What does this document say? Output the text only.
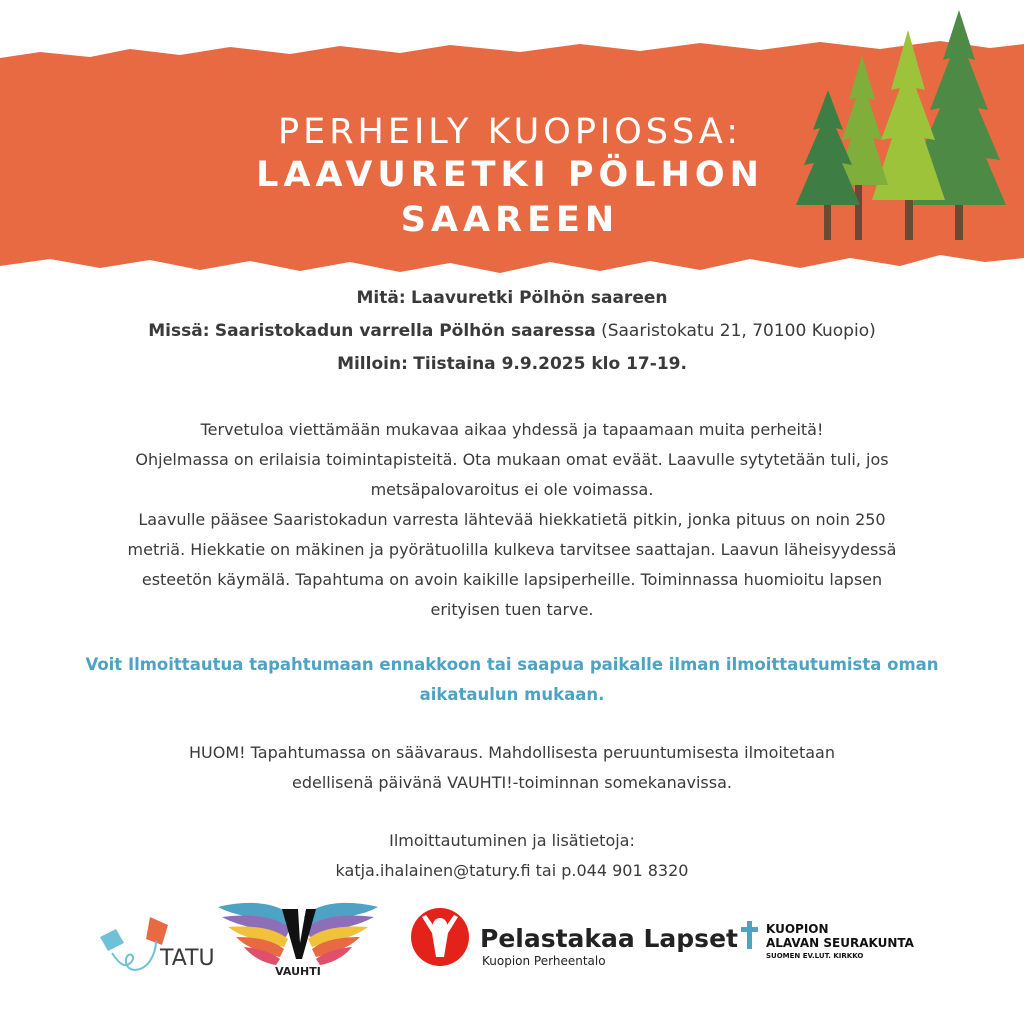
PERHEILY KUOPIOSSA:
LAAVURETKI PÖLHON
SAAREEN
Mitä: Laavuretki Pölhön saareen
Missä: Saaristokadun varrella Pölhön saaressa (Saaristokatu 21, 70100 Kuopio)
Milloin: Tiistaina 9.9.2025 klo 17-19.
Tervetuloa viettämään mukavaa aikaa yhdessä ja tapaamaan muita perheitä!
Ohjelmassa on erilaisia toimintapisteitä. Ota mukaan omat eväät. Laavulle sytytetään tuli, jos
metsäpalovaroitus ei ole voimassa.
Laavulle pääsee Saaristokadun varresta lähtevää hiekkatietä pitkin, jonka pituus on noin 250
metriä. Hiekkatie on mäkinen ja pyörätuolilla kulkeva tarvitsee saattajan. Laavun läheisyydessä
esteetön käymälä. Tapahtuma on avoin kaikille lapsiperheille. Toiminnassa huomioitu lapsen
erityisen tuen tarve.
Voit Ilmoittautua tapahtumaan ennakkoon tai saapua paikalle ilman ilmoittautumista oman
aikataulun mukaan.
HUOM! Tapahtumassa on säävaraus. Mahdollisesta peruuntumisesta ilmoitetaan
edellisenä päivänä VAUHTI!-toiminnan somekanavissa.
Ilmoittautuminen ja lisätietoja:
katja.ihalainen@tatury.fi tai p.044 901 8320
TATU
VAUHTI
Pelastakaa Lapset
Kuopion Perheentalo
KUOPION
ALAVAN SEURAKUNTA
SUOMEN EV.LUT. KIRKKO
